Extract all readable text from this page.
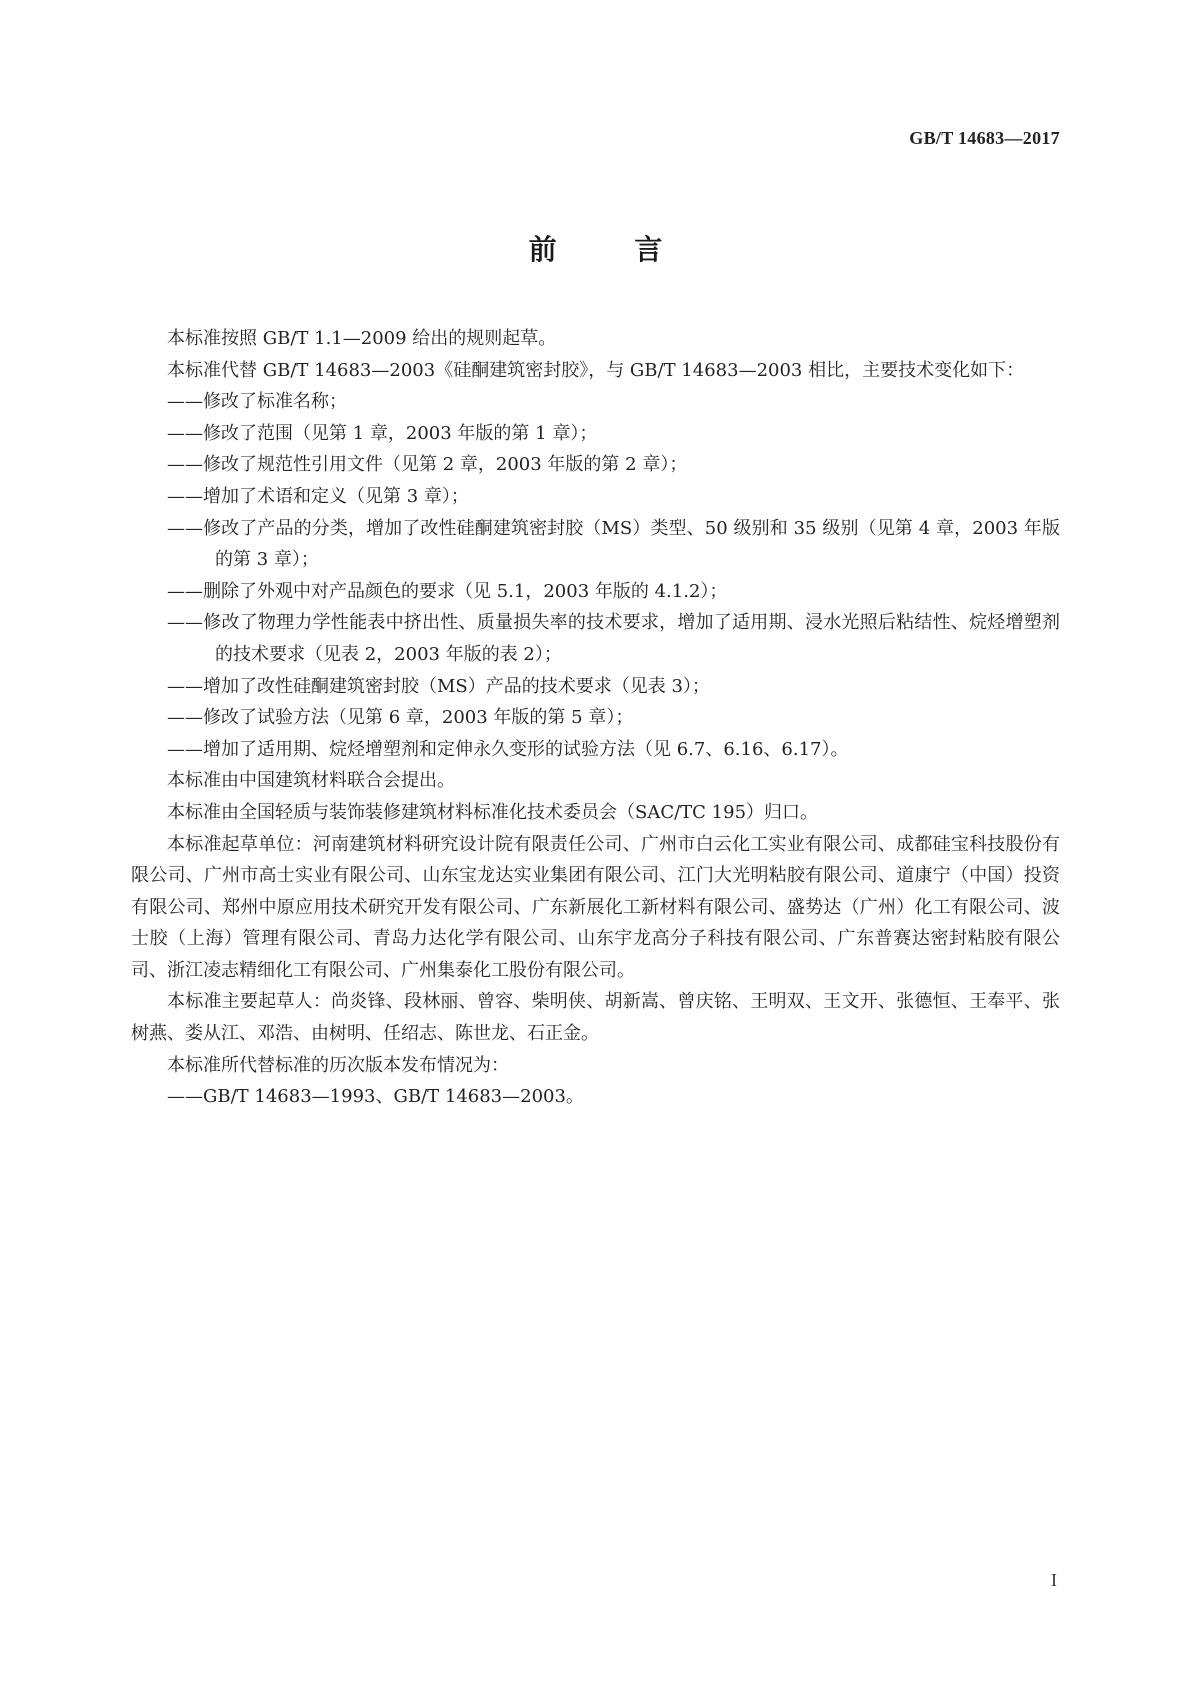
GB/T 14683—2017
前 言

本标准按照 GB/T 1.1—2009 给出的规则起草。

本标准代替 GB/T 14683—2003《硅酮建筑密封胶》，与 GB/T 14683—2003 相比，主要技术变化如下：

——修改了标准名称；

——修改了范围（见第 1 章，2003 年版的第 1 章）；

——修改了规范性引用文件（见第 2 章，2003 年版的第 2 章）；

——增加了术语和定义（见第 3 章）；

——修改了产品的分类，增加了改性硅酮建筑密封胶（MS）类型、50 级别和 35 级别（见第 4 章，2003 年版的第 3 章）；

——删除了外观中对产品颜色的要求（见 5.1，2003 年版的 4.1.2）；

——修改了物理力学性能表中挤出性、质量损失率的技术要求，增加了适用期、浸水光照后粘结性、烷烃增塑剂的技术要求（见表 2，2003 年版的表 2）；

——增加了改性硅酮建筑密封胶（MS）产品的技术要求（见表 3）；

——修改了试验方法（见第 6 章，2003 年版的第 5 章）；

——增加了适用期、烷烃增塑剂和定伸永久变形的试验方法（见 6.7、6.16、6.17）。

本标准由中国建筑材料联合会提出。

本标准由全国轻质与装饰装修建筑材料标准化技术委员会（SAC/TC 195）归口。

本标准起草单位：河南建筑材料研究设计院有限责任公司、广州市白云化工实业有限公司、成都硅宝科技股份有限公司、广州市高士实业有限公司、山东宝龙达实业集团有限公司、江门大光明粘胶有限公司、道康宁（中国）投资有限公司、郑州中原应用技术研究开发有限公司、广东新展化工新材料有限公司、盛势达（广州）化工有限公司、波士胶（上海）管理有限公司、青岛力达化学有限公司、山东宇龙高分子科技有限公司、广东普赛达密封粘胶有限公司、浙江凌志精细化工有限公司、广州集泰化工股份有限公司。

本标准主要起草人：尚炎锋、段林丽、曾容、柴明侠、胡新嵩、曾庆铭、王明双、王文开、张德恒、王奉平、张树燕、娄从江、邓浩、由树明、任绍志、陈世龙、石正金。

本标准所代替标准的历次版本发布情况为：

——GB/T 14683—1993、GB/T 14683—2003。

I
